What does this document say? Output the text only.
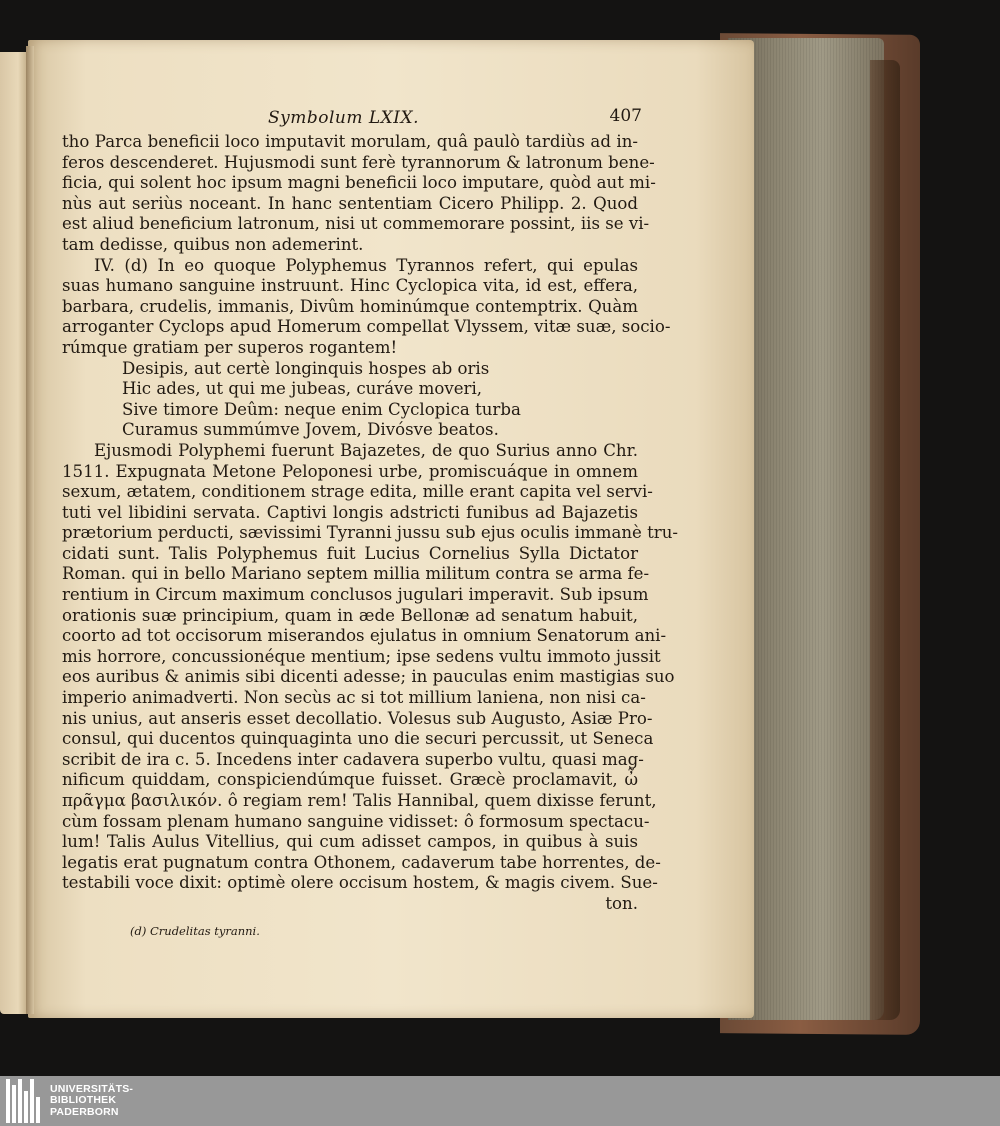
Symbolum LXIX.	407
tho Parca beneficii loco imputavit morulam, quâ paulò tardiùs ad in-
feros descenderet. Hujusmodi sunt ferè tyrannorum & latronum bene-
ficia, qui solent hoc ipsum magni beneficii loco imputare, quòd aut mi-
nùs aut seriùs noceant. In hanc sententiam Cicero Philipp. 2. Quod
est aliud beneficium latronum, nisi ut commemorare possint, iis se vi-
tam dedisse, quibus non ademerint.
IV. (d) In eo quoque Polyphemus Tyrannos refert, qui epulas
suas humano sanguine instruunt. Hinc Cyclopica vita, id est, effera,
barbara, crudelis, immanis, Divûm hominúmque contemptrix. Quàm
arroganter Cyclops apud Homerum compellat Vlyssem, vitæ suæ, socio-
rúmque gratiam per superos rogantem!
Desipis, aut certè longinquis hospes ab oris
Hic ades, ut qui me jubeas, curáve moveri,
Sive timore Deûm: neque enim Cyclopica turba
Curamus summúmve Jovem, Divósve beatos.
Ejusmodi Polyphemi fuerunt Bajazetes, de quo Surius anno Chr.
1511. Expugnata Metone Peloponesi urbe, promiscuáque in omnem
sexum, ætatem, conditionem strage edita, mille erant capita vel servi-
tuti vel libidini servata. Captivi longis adstricti funibus ad Bajazetis
prætorium perducti, sævissimi Tyranni jussu sub ejus oculis immanè tru-
cidati sunt. Talis Polyphemus fuit Lucius Cornelius Sylla Dictator
Roman. qui in bello Mariano septem millia militum contra se arma fe-
rentium in Circum maximum conclusos jugulari imperavit. Sub ipsum
orationis suæ principium, quam in æde Bellonæ ad senatum habuit,
coorto ad tot occisorum miserandos ejulatus in omnium Senatorum ani-
mis horrore, concussionéque mentium; ipse sedens vultu immoto jussit
eos auribus & animis sibi dicenti adesse; in pauculas enim mastigias suo
imperio animadverti. Non secùs ac si tot millium laniena, non nisi ca-
nis unius, aut anseris esset decollatio. Volesus sub Augusto, Asiæ Pro-
consul, qui ducentos quinquaginta uno die securi percussit, ut Seneca
scribit de ira c. 5. Incedens inter cadavera superbo vultu, quasi mag-
nificum quiddam, conspiciendúmque fuisset. Græcè proclamavit, ὦ
πρᾶγμα βασιλικόν. ô regiam rem! Talis Hannibal, quem dixisse ferunt,
cùm fossam plenam humano sanguine vidisset: ô formosum spectacu-
lum! Talis Aulus Vitellius, qui cum adisset campos, in quibus à suis
legatis erat pugnatum contra Othonem, cadaverum tabe horrentes, de-
testabili voce dixit: optimè olere occisum hostem, & magis civem. Sue-
ton.
(d) Crudelitas tyranni.
UNIVERSITÄTS-
BIBLIOTHEK
PADERBORN
